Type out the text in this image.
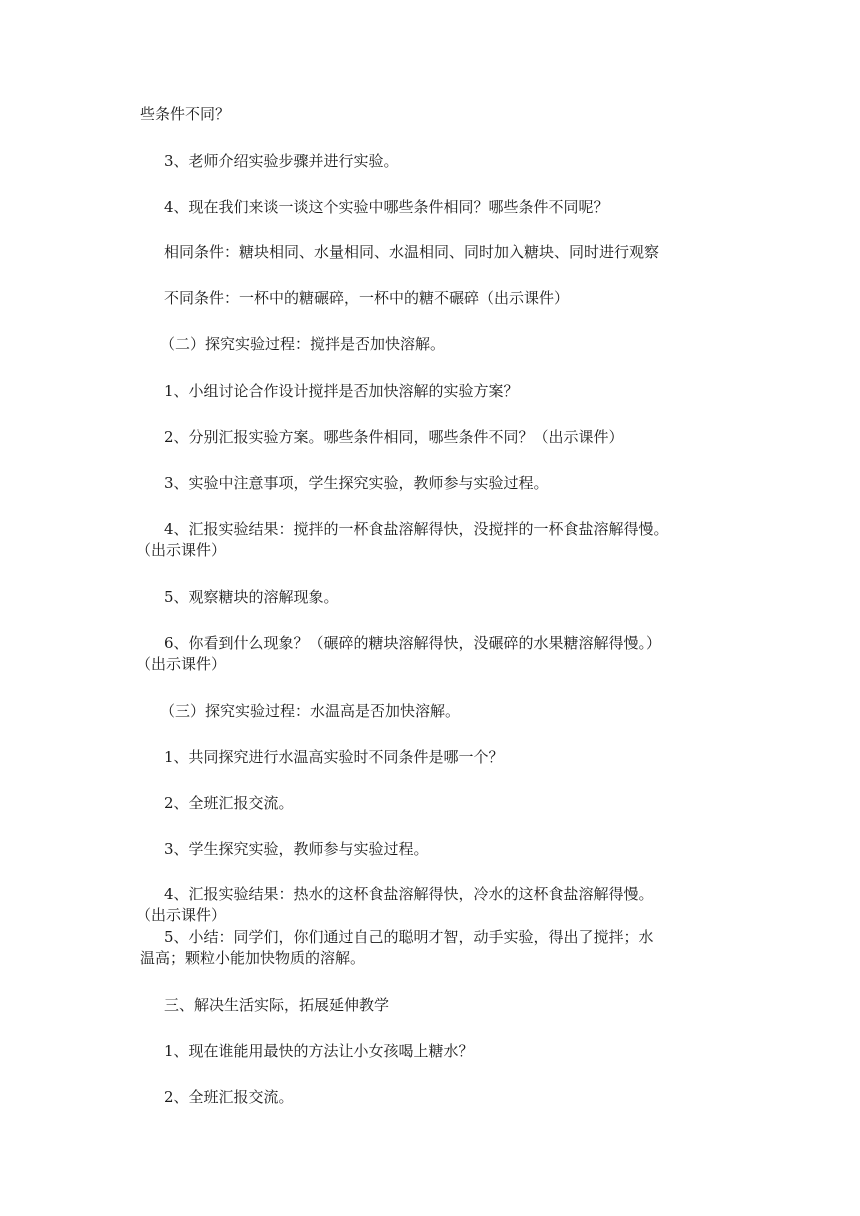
些条件不同？
3、老师介绍实验步骤并进行实验。
4、现在我们来谈一谈这个实验中哪些条件相同？哪些条件不同呢？
相同条件：糖块相同、水量相同、水温相同、同时加入糖块、同时进行观察
不同条件：一杯中的糖碾碎，一杯中的糖不碾碎（出示课件）
（二）探究实验过程：搅拌是否加快溶解。
1、小组讨论合作设计搅拌是否加快溶解的实验方案？
2、分别汇报实验方案。哪些条件相同，哪些条件不同？（出示课件）
3、实验中注意事项，学生探究实验，教师参与实验过程。
4、汇报实验结果：搅拌的一杯食盐溶解得快，没搅拌的一杯食盐溶解得慢。
（出示课件）
5、观察糖块的溶解现象。
6、你看到什么现象？（碾碎的糖块溶解得快，没碾碎的水果糖溶解得慢。）
（出示课件）
（三）探究实验过程：水温高是否加快溶解。
1、共同探究进行水温高实验时不同条件是哪一个？
2、全班汇报交流。
3、学生探究实验，教师参与实验过程。
4、汇报实验结果：热水的这杯食盐溶解得快，冷水的这杯食盐溶解得慢。
（出示课件）
5、小结：同学们，你们通过自己的聪明才智，动手实验，得出了搅拌；水
温高；颗粒小能加快物质的溶解。
三、解决生活实际，拓展延伸教学
1、现在谁能用最快的方法让小女孩喝上糖水？
2、全班汇报交流。
